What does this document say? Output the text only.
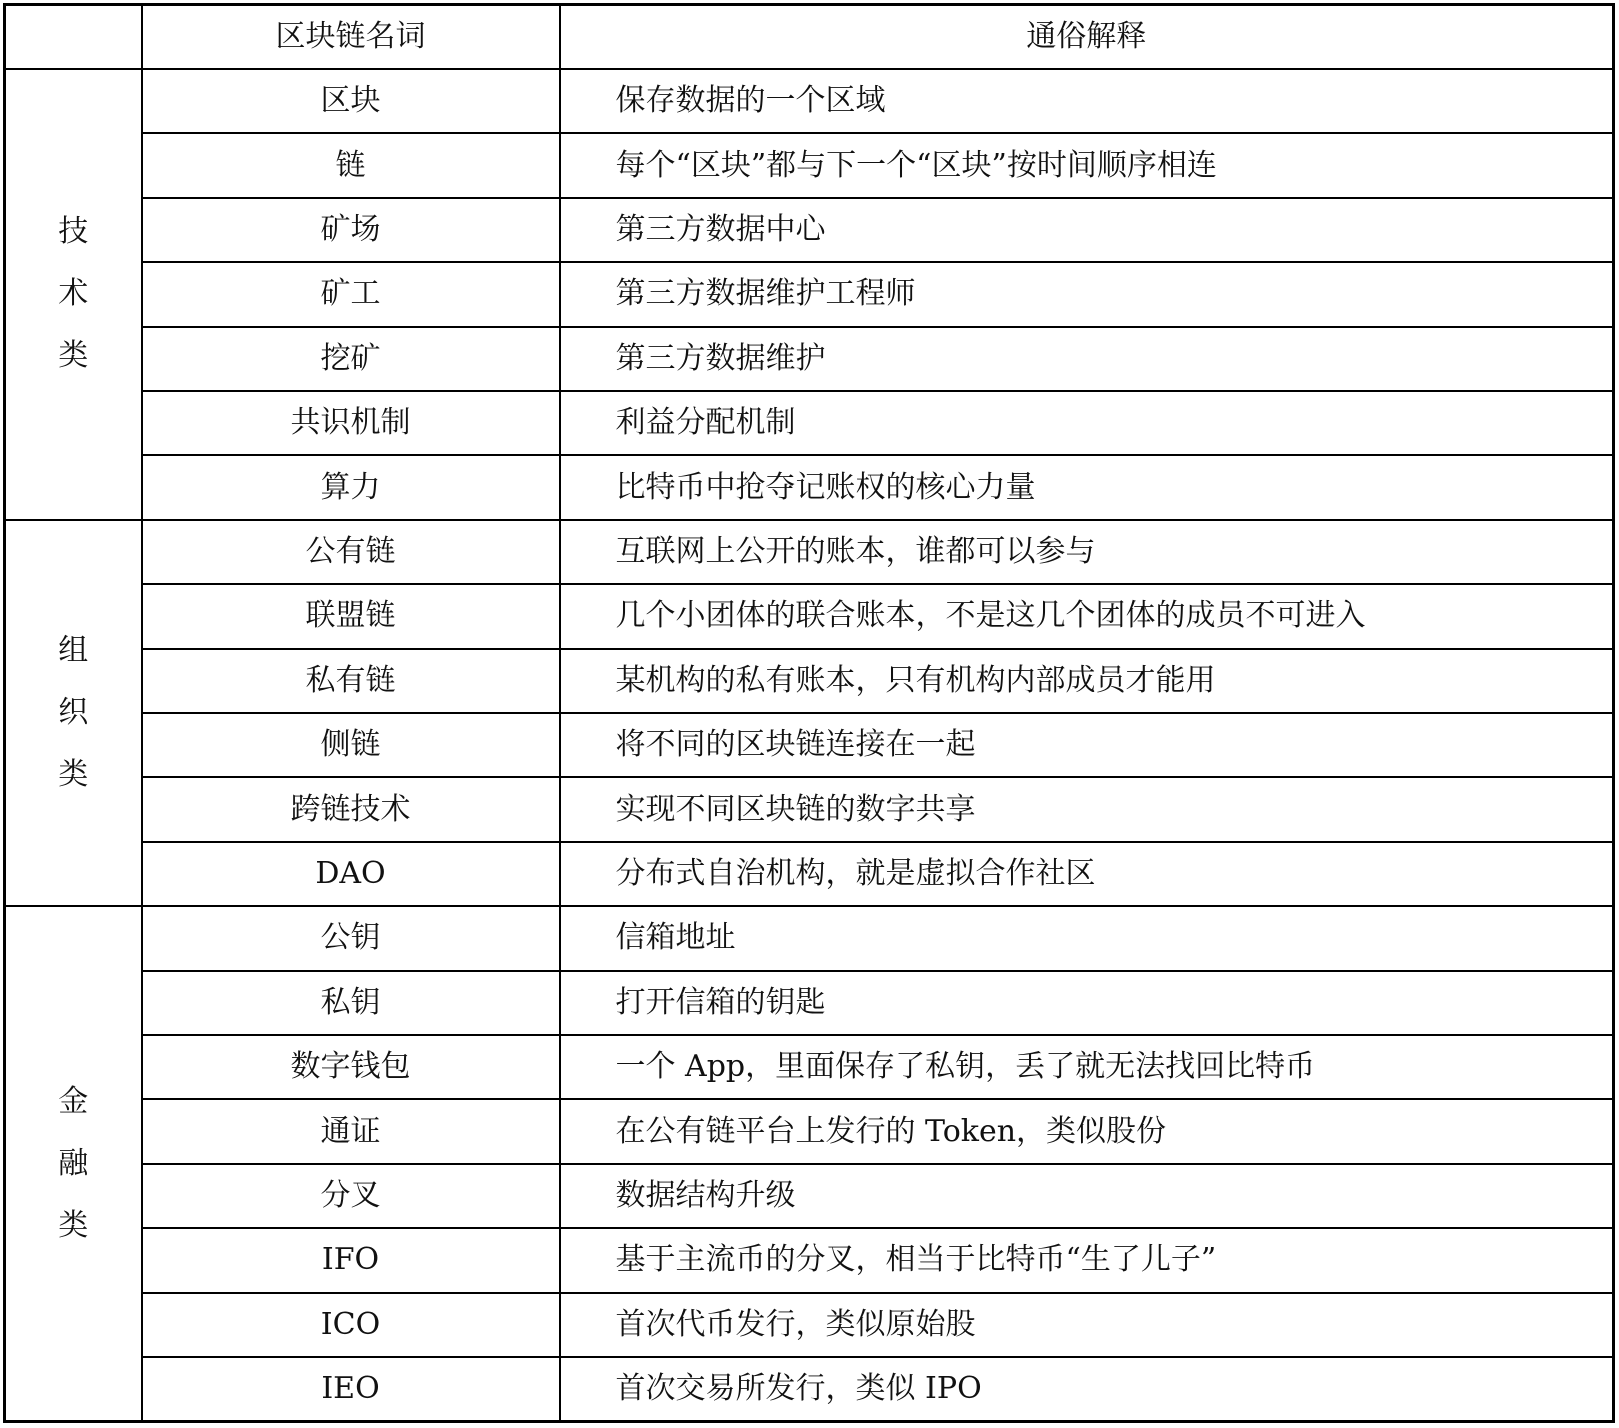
	区块链名词	通俗解释
技术类	区块	保存数据的一个区域
	链	每个“区块”都与下一个“区块”按时间顺序相连
	矿场	第三方数据中心
	矿工	第三方数据维护工程师
	挖矿	第三方数据维护
	共识机制	利益分配机制
	算力	比特币中抢夺记账权的核心力量
组织类	公有链	互联网上公开的账本，谁都可以参与
	联盟链	几个小团体的联合账本，不是这几个团体的成员不可进入
	私有链	某机构的私有账本，只有机构内部成员才能用
	侧链	将不同的区块链连接在一起
	跨链技术	实现不同区块链的数字共享
	DAO	分布式自治机构，就是虚拟合作社区
金融类	公钥	信箱地址
	私钥	打开信箱的钥匙
	数字钱包	一个 App，里面保存了私钥，丢了就无法找回比特币
	通证	在公有链平台上发行的 Token，类似股份
	分叉	数据结构升级
	IFO	基于主流币的分叉，相当于比特币“生了儿子”
	ICO	首次代币发行，类似原始股
	IEO	首次交易所发行，类似 IPO
